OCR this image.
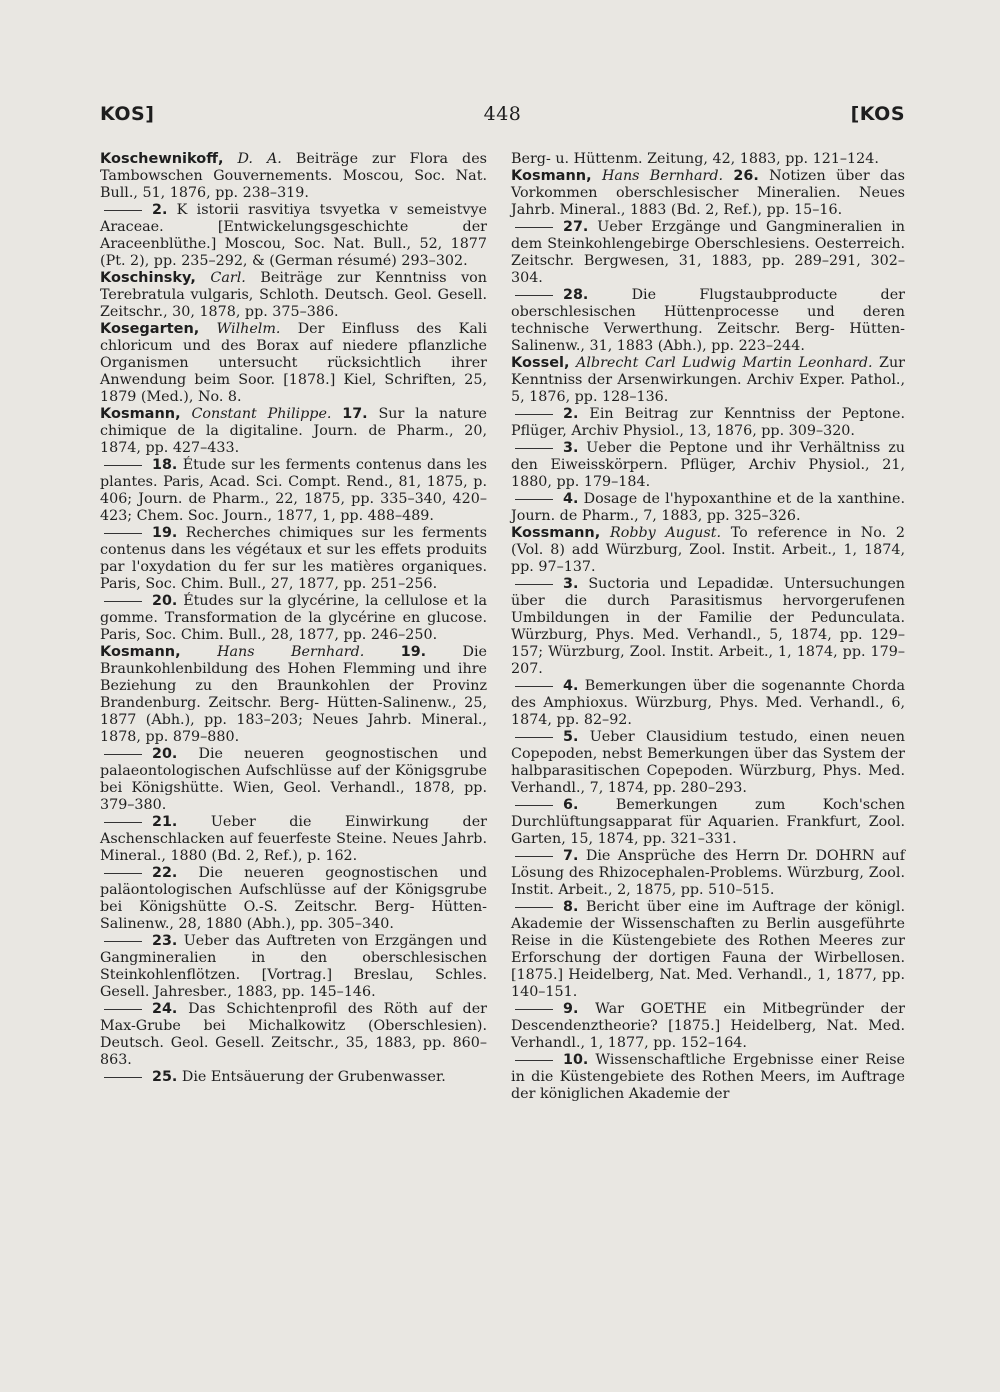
KOS]	448	[KOS

Koschewnikoff, D. A. Beiträge zur Flora des Tambowschen Gouvernements. Moscou, Soc. Nat. Bull., 51, 1876, pp. 238–319.

2. K istorii rasvitiya tsvyetka v semeistvye Araceae. [Entwickelungsgeschichte der Araceenblüthe.] Moscou, Soc. Nat. Bull., 52, 1877 (Pt. 2), pp. 235–292, & (German résumé) 293–302.

Koschinsky, Carl. Beiträge zur Kenntniss von Terebratula vulgaris, Schloth. Deutsch. Geol. Gesell. Zeitschr., 30, 1878, pp. 375–386.

Kosegarten, Wilhelm. Der Einfluss des Kali chloricum und des Borax auf niedere pflanzliche Organismen untersucht rücksichtlich ihrer Anwendung beim Soor. [1878.] Kiel, Schriften, 25, 1879 (Med.), No. 8.

Kosmann, Constant Philippe. 17. Sur la nature chimique de la digitaline. Journ. de Pharm., 20, 1874, pp. 427–433.

18. Étude sur les ferments contenus dans les plantes. Paris, Acad. Sci. Compt. Rend., 81, 1875, p. 406; Journ. de Pharm., 22, 1875, pp. 335–340, 420–423; Chem. Soc. Journ., 1877, 1, pp. 488–489.

19. Recherches chimiques sur les ferments contenus dans les végétaux et sur les effets produits par l'oxydation du fer sur les matières organiques. Paris, Soc. Chim. Bull., 27, 1877, pp. 251–256.

20. Études sur la glycérine, la cellulose et la gomme. Transformation de la glycérine en glucose. Paris, Soc. Chim. Bull., 28, 1877, pp. 246–250.

Kosmann,	Hans Bernhard.	19.	Die Braunkohlenbildung des Hohen Flemming und ihre Beziehung zu den Braunkohlen der Provinz Brandenburg. Zeitschr. Berg- Hütten-Salinenw., 25, 1877 (Abh.), pp. 183–203; Neues Jahrb. Mineral., 1878, pp. 879–880.

20. Die neueren geognostischen und palaeontologischen Aufschlüsse auf der Königsgrube bei Königshütte. Wien, Geol. Verhandl., 1878, pp. 379–380.

21. Ueber die Einwirkung der Aschenschlacken auf feuerfeste Steine. Neues Jahrb. Mineral., 1880 (Bd. 2, Ref.), p. 162.

22. Die neueren geognostischen und paläontologischen Aufschlüsse auf der Königsgrube bei Königshütte O.-S. Zeitschr. Berg- Hütten-Salinenw., 28, 1880 (Abh.), pp. 305–340.

23. Ueber das Auftreten von Erzgängen und Gangmineralien in den oberschlesischen Steinkohlenflötzen. [Vortrag.] Breslau, Schles. Gesell. Jahresber., 1883, pp. 145–146.

24. Das Schichtenprofil des Röth auf der Max-Grube bei Michalkowitz (Oberschlesien). Deutsch. Geol. Gesell. Zeitschr., 35, 1883, pp. 860–863.

25. Die Entsäuerung der Grubenwasser.

Berg- u. Hüttenm. Zeitung, 42, 1883, pp. 121–124.

Kosmann, Hans Bernhard. 26. Notizen über das Vorkommen oberschlesischer Mineralien. Neues Jahrb. Mineral., 1883 (Bd. 2, Ref.), pp. 15–16.

27. Ueber Erzgänge und Gangmineralien in dem Steinkohlengebirge Oberschlesiens. Oesterreich. Zeitschr. Bergwesen, 31, 1883, pp. 289–291, 302–304.

28.	Die Flugstaubproducte der oberschlesischen Hüttenprocesse und deren technische Verwerthung. Zeitschr. Berg- Hütten-Salinenw., 31, 1883 (Abh.), pp. 223–244.

Kossel, Albrecht Carl Ludwig Martin Leonhard. Zur Kenntniss der Arsenwirkungen. Archiv Exper. Pathol., 5, 1876, pp. 128–136.

2. Ein Beitrag zur Kenntniss der Peptone. Pflüger, Archiv Physiol., 13, 1876, pp. 309–320.

3. Ueber die Peptone und ihr Verhältniss zu den Eiweisskörpern. Pflüger, Archiv Physiol., 21, 1880, pp. 179–184.

4. Dosage de l'hypoxanthine et de la xanthine. Journ. de Pharm., 7, 1883, pp. 325–326.

Kossmann, Robby August. To reference in No. 2 (Vol. 8) add Würzburg, Zool. Instit. Arbeit., 1, 1874, pp. 97–137.

3. Suctoria und Lepadidæ. Untersuchungen über die durch Parasitismus hervorgerufenen Umbildungen in der Familie der Pedunculata. Würzburg, Phys. Med. Verhandl., 5, 1874, pp. 129–157; Würzburg, Zool. Instit. Arbeit., 1, 1874, pp. 179–207.

4. Bemerkungen über die sogenannte Chorda des Amphioxus. Würzburg, Phys. Med. Verhandl., 6, 1874, pp. 82–92.

5. Ueber Clausidium testudo, einen neuen Copepoden, nebst Bemerkungen über das System der halbparasitischen Copepoden. Würzburg, Phys. Med. Verhandl., 7, 1874, pp. 280–293.

6.	Bemerkungen zum Koch'schen Durchlüftungsapparat für Aquarien. Frankfurt, Zool. Garten, 15, 1874, pp. 321–331.

7. Die Ansprüche des Herrn Dr. DOHRN auf Lösung des Rhizocephalen-Problems. Würzburg, Zool. Instit. Arbeit., 2, 1875, pp. 510–515.

8. Bericht über eine im Auftrage der königl. Akademie der Wissenschaften zu Berlin ausgeführte Reise in die Küstengebiete des Rothen Meeres zur Erforschung der dortigen Fauna der Wirbellosen. [1875.] Heidelberg, Nat. Med. Verhandl., 1, 1877, pp. 140–151.

9. War GOETHE ein Mitbegründer der Descendenztheorie? [1875.] Heidelberg, Nat. Med. Verhandl., 1, 1877, pp. 152–164.

10. Wissenschaftliche Ergebnisse einer Reise in die Küstengebiete des Rothen Meers, im Auftrage der königlichen Akademie der
